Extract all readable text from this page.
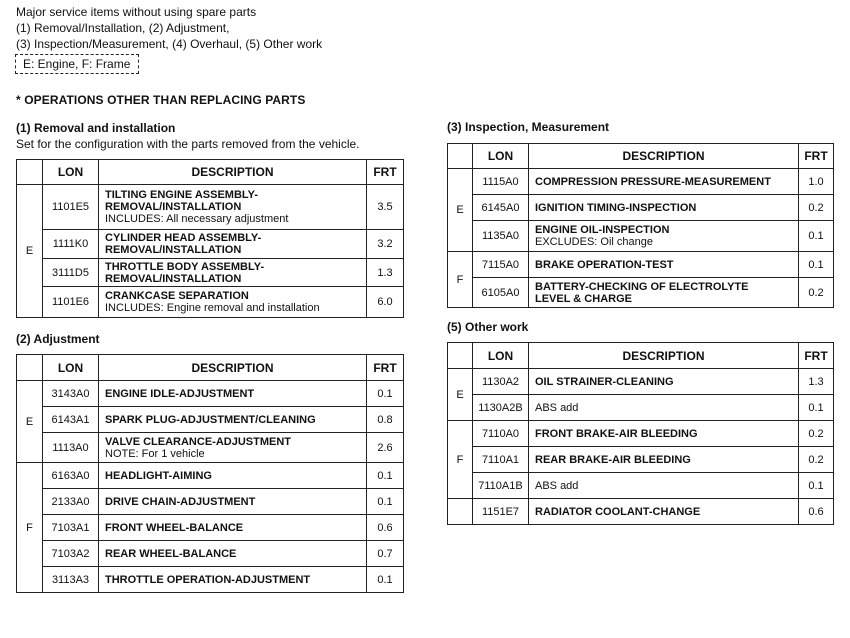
Major service items without using spare parts
(1) Removal/Installation, (2) Adjustment,
(3) Inspection/Measurement, (4) Overhaul, (5) Other work
E: Engine, F: Frame
* OPERATIONS OTHER THAN REPLACING PARTS
(1) Removal and installation
Set for the configuration with the parts removed from the vehicle.
	LON	DESCRIPTION	FRT
E	1101E5	TILTING ENGINE ASSEMBLY-
REMOVAL/INSTALLATION
INCLUDES: All necessary adjustment	3.5
	1111K0	CYLINDER HEAD ASSEMBLY-
REMOVAL/INSTALLATION	3.2
	3111D5	THROTTLE BODY ASSEMBLY-
REMOVAL/INSTALLATION	1.3
	1101E6	CRANKCASE SEPARATION
INCLUDES: Engine removal and installation	6.0
(2) Adjustment
	LON	DESCRIPTION	FRT
E	3143A0	ENGINE IDLE-ADJUSTMENT	0.1
	6143A1	SPARK PLUG-ADJUSTMENT/CLEANING	0.8
	1113A0	VALVE CLEARANCE-ADJUSTMENT
NOTE: For 1 vehicle	2.6
F	6163A0	HEADLIGHT-AIMING	0.1
	2133A0	DRIVE CHAIN-ADJUSTMENT	0.1
	7103A1	FRONT WHEEL-BALANCE	0.6
	7103A2	REAR WHEEL-BALANCE	0.7
	3113A3	THROTTLE OPERATION-ADJUSTMENT	0.1
(3) Inspection, Measurement
	LON	DESCRIPTION	FRT
E	1115A0	COMPRESSION PRESSURE-MEASUREMENT	1.0
	6145A0	IGNITION TIMING-INSPECTION	0.2
	1135A0	ENGINE OIL-INSPECTION
EXCLUDES: Oil change	0.1
F	7115A0	BRAKE OPERATION-TEST	0.1
	6105A0	BATTERY-CHECKING OF ELECTROLYTE
LEVEL & CHARGE	0.2
(5) Other work
	LON	DESCRIPTION	FRT
E	1130A2	OIL STRAINER-CLEANING	1.3
	1130A2B	ABS add	0.1
F	7110A0	FRONT BRAKE-AIR BLEEDING	0.2
	7110A1	REAR BRAKE-AIR BLEEDING	0.2
	7110A1B	ABS add	0.1
	1151E7	RADIATOR COOLANT-CHANGE	0.6
